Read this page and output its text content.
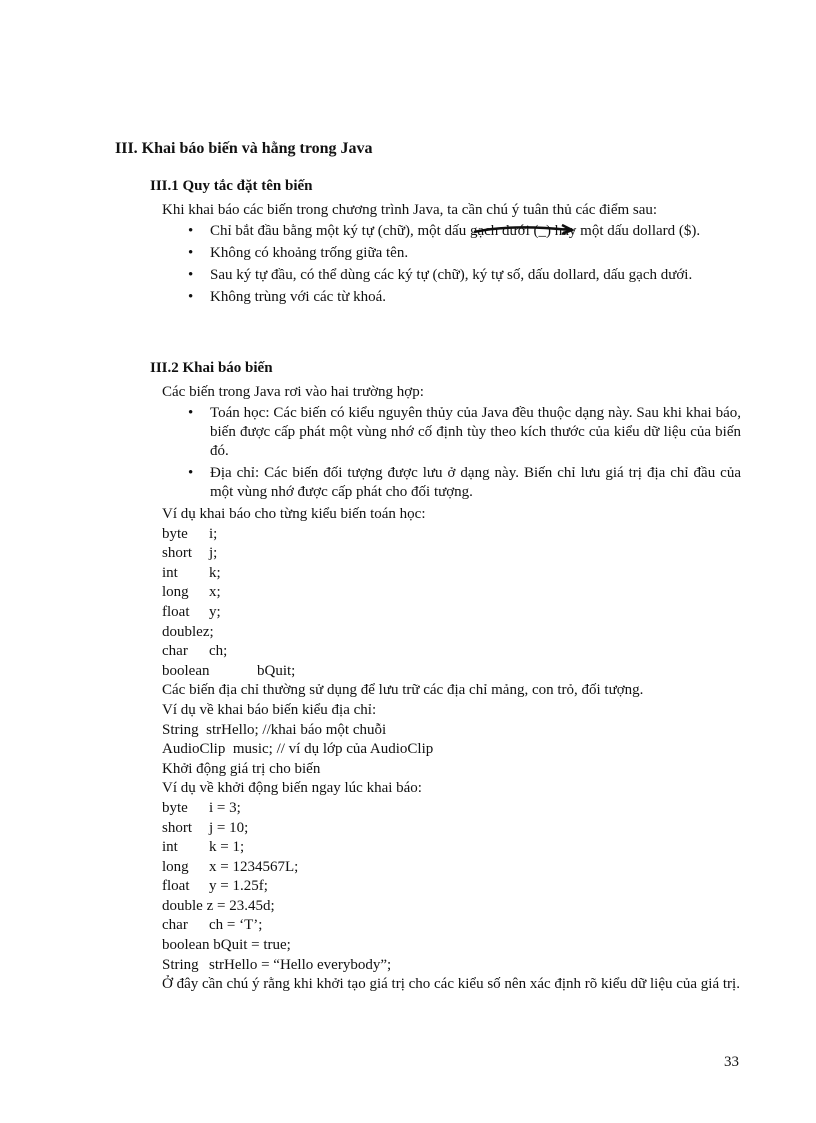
III. Khai báo biến và hằng trong Java
III.1 Quy tắc đặt tên biến
Khi khai báo các biến trong chương trình Java, ta cần chú ý tuân thủ các điểm sau:
• Chỉ bắt đầu bằng một ký tự (chữ), một dấu gạch dưới (_) hay một dấu dollard ($).
• Không có khoảng trống giữa tên.
• Sau ký tự đầu, có thể dùng các ký tự (chữ), ký tự số, dấu dollard, dấu gạch dưới.
• Không trùng với các từ khoá.
III.2 Khai báo biến
Các biến trong Java rơi vào hai trường hợp:
• Toán học: Các biến có kiểu nguyên thủy của Java đều thuộc dạng này. Sau khi khai báo, biến được cấp phát một vùng nhớ cố định tùy theo kích thước của kiểu dữ liệu của biến đó.
• Địa chỉ: Các biến đối tượng được lưu ở dạng này. Biến chỉ lưu giá trị địa chỉ đầu của một vùng nhớ được cấp phát cho đối tượng.
Ví dụ khai báo cho từng kiểu biến toán học:
byte i;
short j;
int k;
long x;
float y;
doublez;
char ch;
boolean	bQuit;
Các biến địa chỉ thường sử dụng để lưu trữ các địa chỉ mảng, con trỏ, đối tượng.
Ví dụ về khai báo biến kiểu địa chỉ:
String  strHello; //khai báo một chuỗi
AudioClip  music; // ví dụ lớp của AudioClip
Khởi động giá trị cho biến
Ví dụ về khởi động biến ngay lúc khai báo:
byte i = 3;
short j = 10;
int k = 1;
long x = 1234567L;
float y = 1.25f;
double z = 23.45d;
char ch = ‘T’;
boolean bQuit = true;
String strHello = “Hello everybody”;
Ở đây cần chú ý rằng khi khởi tạo giá trị cho các kiểu số nên xác định rõ kiểu dữ liệu của giá trị.
33
